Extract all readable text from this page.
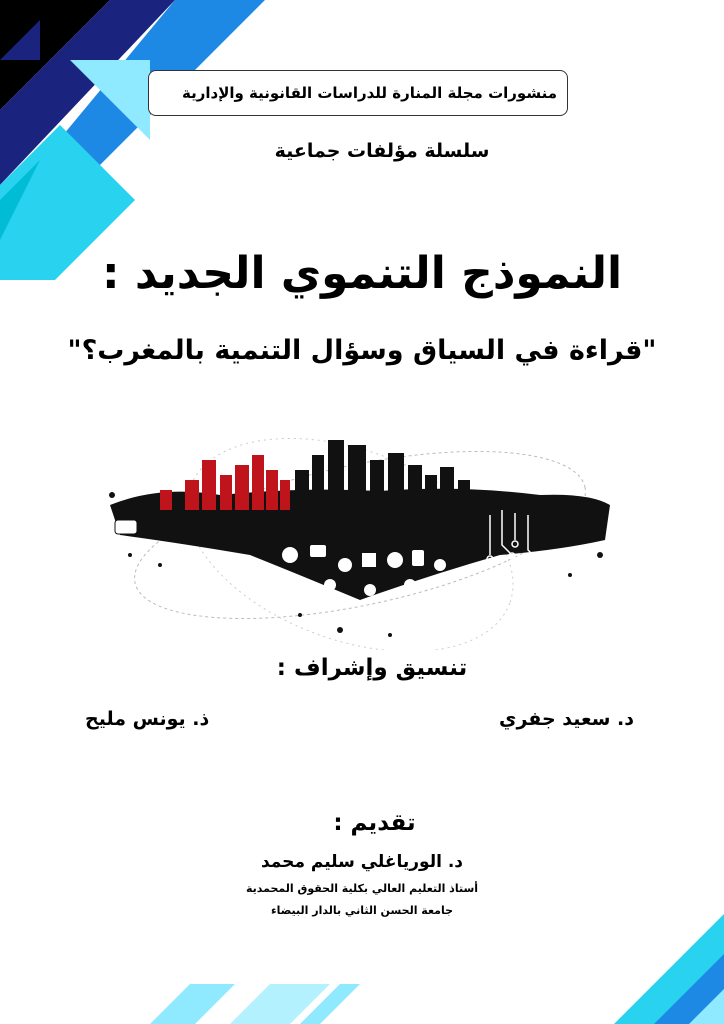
منشورات مجلة المنارة للدراسات القانونية والإدارية
سلسلة مؤلفات جماعية
النموذج التنموي الجديد :
"قراءة في السياق وسؤال التنمية بالمغرب؟"
تنسيق وإشراف :
د. سعيد جفري
ذ. يونس مليح
تقديم :
د. الورياغلي سليم محمد
أستاذ التعليم العالي بكلية الحقوق المحمدية
جامعة الحسن الثاني بالدار البيضاء
